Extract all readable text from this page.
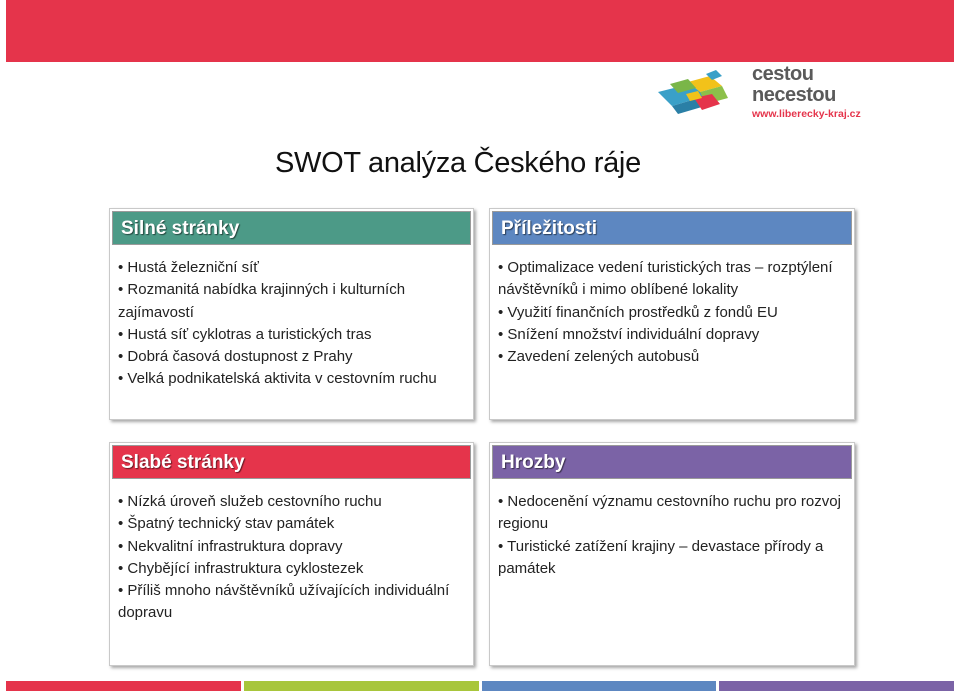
cestou
necestou
www.liberecky-kraj.cz
SWOT analýza Českého ráje
Silné stránky
• Hustá železniční síť
• Rozmanitá nabídka krajinných i kulturních zajímavostí
• Hustá síť cyklotras a turistických tras
• Dobrá časová dostupnost z Prahy
• Velká podnikatelská aktivita v cestovním ruchu
Příležitosti
• Optimalizace vedení turistických tras – rozptýlení návštěvníků i mimo oblíbené lokality
• Využití finančních prostředků z fondů EU
• Snížení množství individuální dopravy
• Zavedení zelených autobusů
Slabé stránky
• Nízká úroveň služeb cestovního ruchu
• Špatný technický stav památek
• Nekvalitní infrastruktura dopravy
• Chybějící infrastruktura cyklostezek
• Příliš mnoho návštěvníků užívajících individuální dopravu
Hrozby
• Nedocenění významu cestovního ruchu pro rozvoj regionu
• Turistické zatížení krajiny – devastace přírody a památek
